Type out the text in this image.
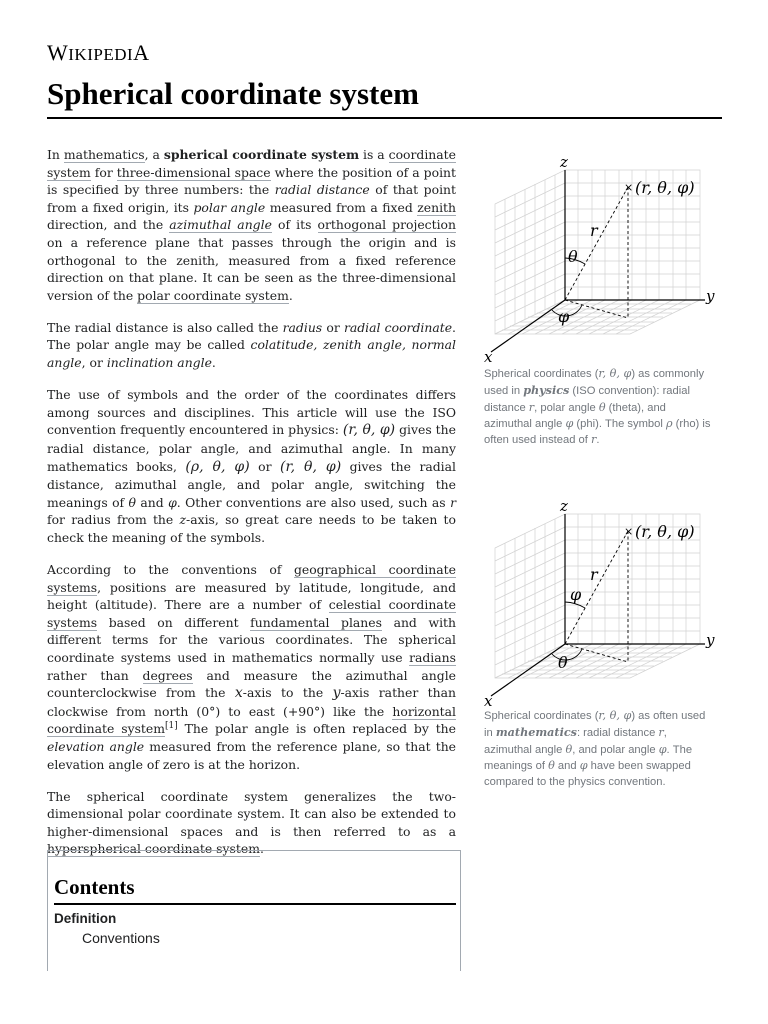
WIKIPEDIA
Spherical coordinate system

In mathematics, a spherical coordinate system is a coordinate system for three-dimensional space where the position of a point is specified by three numbers: the radial distance of that point from a fixed origin, its polar angle measured from a fixed zenith direction, and the azimuthal angle of its orthogonal projection on a reference plane that passes through the origin and is orthogonal to the zenith, measured from a fixed reference direction on that plane. It can be seen as the three-dimensional version of the polar coordinate system.

The radial distance is also called the radius or radial coordinate. The polar angle may be called colatitude, zenith angle, normal angle, or inclination angle.

The use of symbols and the order of the coordinates differs among sources and disciplines. This article will use the ISO convention frequently encountered in physics: (r, θ, φ) gives the radial distance, polar angle, and azimuthal angle. In many mathematics books, (ρ, θ, φ) or (r, θ, φ) gives the radial distance, azimuthal angle, and polar angle, switching the meanings of θ and φ. Other conventions are also used, such as r for radius from the z-axis, so great care needs to be taken to check the meaning of the symbols.

According to the conventions of geographical coordinate systems, positions are measured by latitude, longitude, and height (altitude). There are a number of celestial coordinate systems based on different fundamental planes and with different terms for the various coordinates. The spherical coordinate systems used in mathematics normally use radians rather than degrees and measure the azimuthal angle counterclockwise from the x-axis to the y-axis rather than clockwise from north (0°) to east (+90°) like the horizontal coordinate system[1] The polar angle is often replaced by the elevation angle measured from the reference plane, so that the elevation angle of zero is at the horizon.

The spherical coordinate system generalizes the two-dimensional polar coordinate system. It can also be extended to higher-dimensional spaces and is then referred to as a hyperspherical coordinate system.

z
y
x
× (r, θ, φ)
r
θ
φ
Spherical coordinates (r, θ, φ) as commonly used in physics (ISO convention): radial distance r, polar angle θ (theta), and azimuthal angle φ (phi). The symbol ρ (rho) is often used instead of r.
z
y
x
× (r, θ, φ)
r
φ
θ
Spherical coordinates (r, θ, φ) as often used in mathematics: radial distance r, azimuthal angle θ, and polar angle φ. The meanings of θ and φ have been swapped compared to the physics convention.
Contents
Definition
Conventions
